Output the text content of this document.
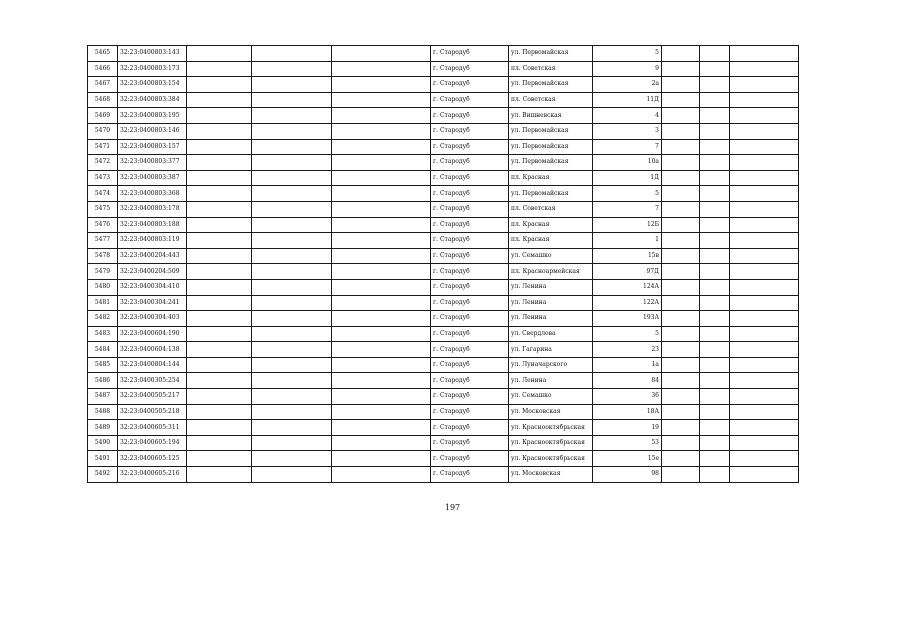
5465	32:23:0400803:143				г. Стародуб	ул. Первомайская	5			
5466	32:23:0400803:173				г. Стародуб	пл. Советская	9			
5467	32:23:0400803:154				г. Стародуб	ул. Первомайская	2а			
5468	32:23:0400803:384				г. Стародуб	пл. Советская	11Д			
5469	32:23:0400803:195				г. Стародуб	ул. Вишневская	4			
5470	32:23:0400803:146				г. Стародуб	ул. Первомайская	3			
5471	32:23:0400803:157				г. Стародуб	ул. Первомайская	7			
5472	32:23:0400803:377				г. Стародуб	ул. Первомайская	10а			
5473	32:23:0400803:387				г. Стародуб	пл. Красная	1Д			
5474	32:23:0400803:368				г. Стародуб	ул. Первомайская	5			
5475	32:23:0400803:178				г. Стародуб	пл. Советская	7			
5476	32:23:0400803:188				г. Стародуб	пл. Красная	12Б			
5477	32:23:0400803:119				г. Стародуб	пл. Красная	1			
5478	32:23:0400204:443				г. Стародуб	ул. Семашко	15в			
5479	32:23:0400204:509				г. Стародуб	пл. Красноармейская	97Д			
5480	32:23:0400304:410				г. Стародуб	ул. Ленина	124А			
5481	32:23:0400304:241				г. Стародуб	ул. Ленина	122А			
5482	32:23:0400304:403				г. Стародуб	ул. Ленина	193А			
5483	32:23:0400604:190				г. Стародуб	ул. Свердлова	5			
5484	32:23:0400604:138				г. Стародуб	ул. Гагарина	23			
5485	32:23:0400804:144				г. Стародуб	ул. Луначарского	1а			
5486	32:23:0400305:254				г. Стародуб	ул. Ленина	84			
5487	32:23:0400505:217				г. Стародуб	ул. Семашко	36			
5488	32:23:0400505:218				г. Стародуб	ул. Московская	18А			
5489	32:23:0400605:311				г. Стародуб	ул. Краснооктябрьская	19			
5490	32:23:0400605:194				г. Стародуб	ул. Краснооктябрьская	53			
5491	32:23:0400605:125				г. Стародуб	ул. Краснооктябрьская	15е			
5492	32:23:0400605:216				г. Стародуб	ул. Московская	98			
197
